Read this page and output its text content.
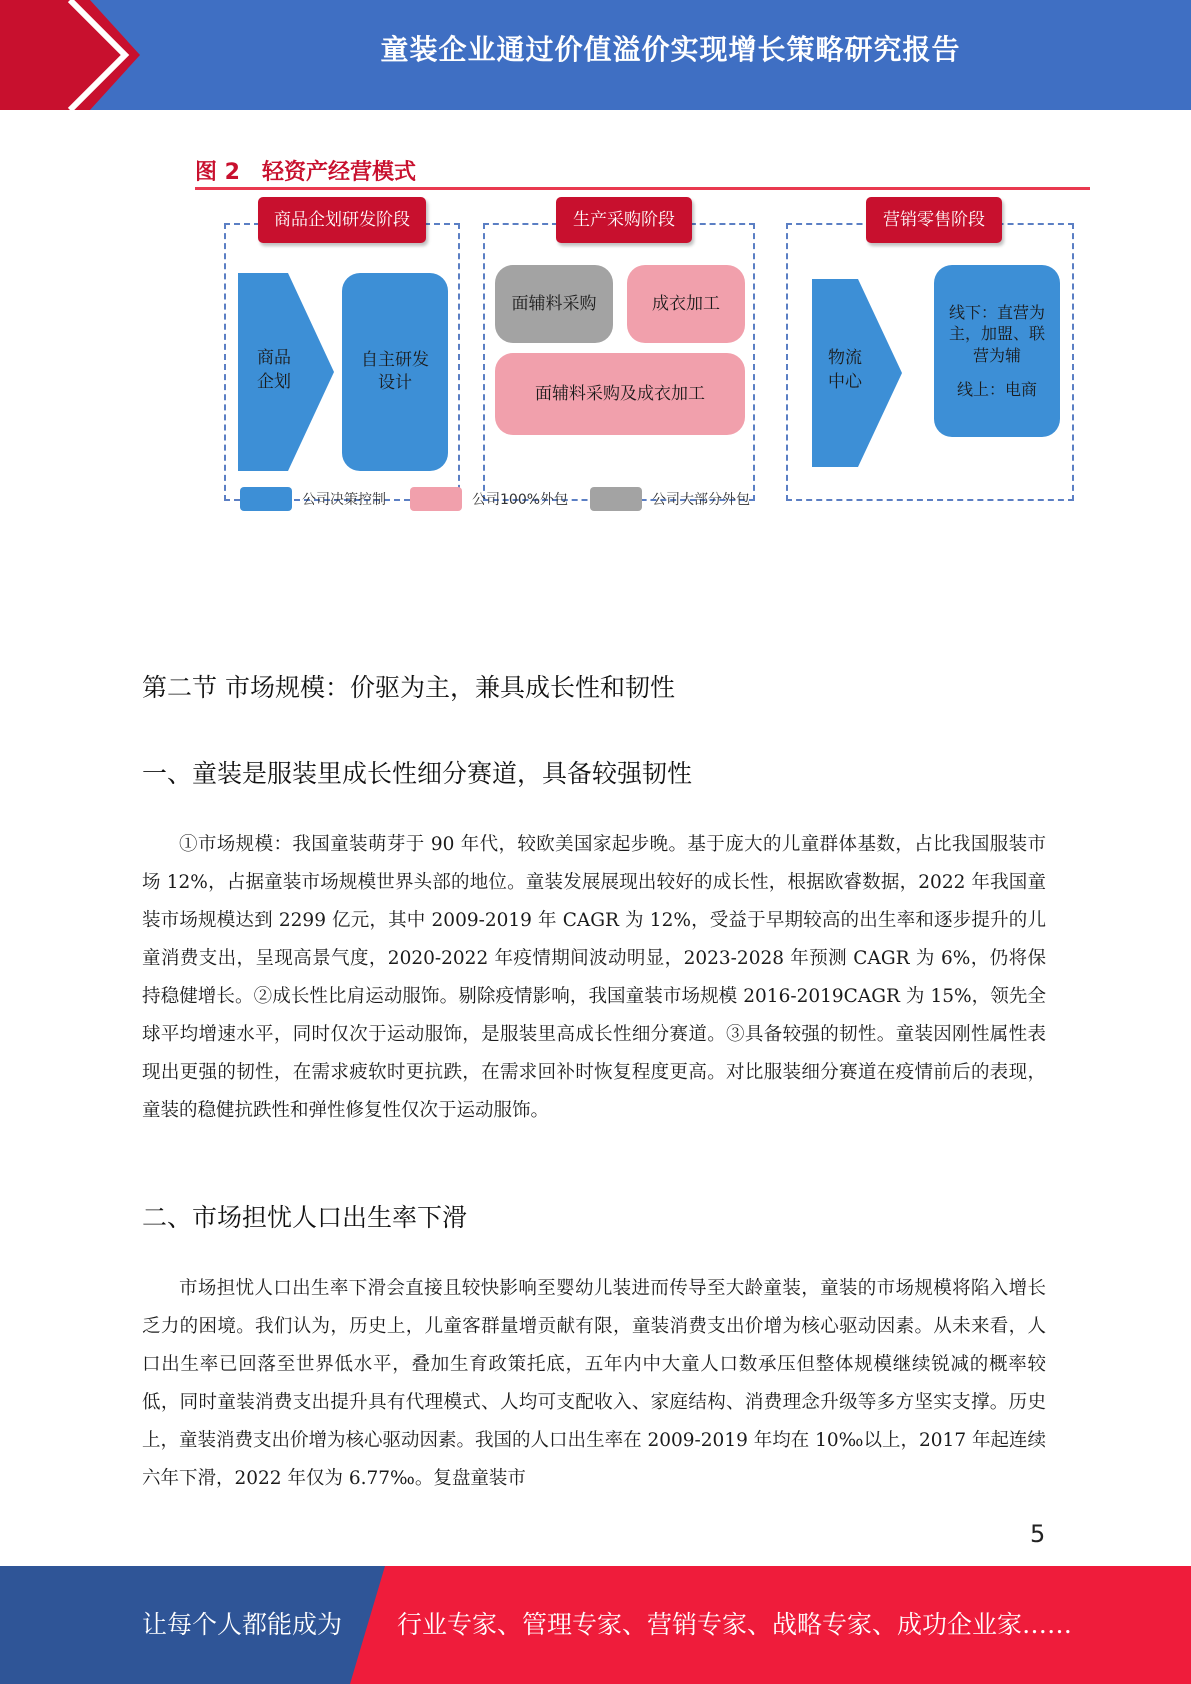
童装企业通过价值溢价实现增长策略研究报告
图 2 轻资产经营模式
商品企划研发阶段
商品
企划
自主研发
设计
生产采购阶段
面辅料采购	成衣加工
面辅料采购及成衣加工
营销零售阶段
物流
中心
线下：直营为
主，加盟、联
营为辅
线上：电商
公司决策控制	公司100%外包	公司大部分外包
第二节 市场规模：价驱为主，兼具成长性和韧性
一、童装是服装里成长性细分赛道，具备较强韧性

①市场规模：我国童装萌芽于 90 年代，较欧美国家起步晚。基于庞大的儿童群体基数，占比我国服装市场 12%，占据童装市场规模世界头部的地位。童装发展展现出较好的成长性，根据欧睿数据，2022 年我国童装市场规模达到 2299 亿元，其中 2009-2019 年 CAGR 为 12%，受益于早期较高的出生率和逐步提升的儿童消费支出，呈现高景气度，2020-2022 年疫情期间波动明显，2023-2028 年预测 CAGR 为 6%，仍将保持稳健增长。②成长性比肩运动服饰。剔除疫情影响，我国童装市场规模 2016-2019CAGR 为 15%，领先全球平均增速水平，同时仅次于运动服饰，是服装里高成长性细分赛道。③具备较强的韧性。童装因刚性属性表现出更强的韧性，在需求疲软时更抗跌，在需求回补时恢复程度更高。对比服装细分赛道在疫情前后的表现，童装的稳健抗跌性和弹性修复性仅次于运动服饰。

二、市场担忧人口出生率下滑

市场担忧人口出生率下滑会直接且较快影响至婴幼儿装进而传导至大龄童装，童装的市场规模将陷入增长乏力的困境。我们认为，历史上，儿童客群量增贡献有限，童装消费支出价增为核心驱动因素。从未来看，人口出生率已回落至世界低水平，叠加生育政策托底，五年内中大童人口数承压但整体规模继续锐减的概率较低，同时童装消费支出提升具有代理模式、人均可支配收入、家庭结构、消费理念升级等多方坚实支撑。历史上，童装消费支出价增为核心驱动因素。我国的人口出生率在 2009-2019 年均在 10‰以上，2017 年起连续六年下滑，2022 年仅为 6.77‰。复盘童装市

5
让每个人都能成为 行业专家、管理专家、营销专家、战略专家、成功企业家……
